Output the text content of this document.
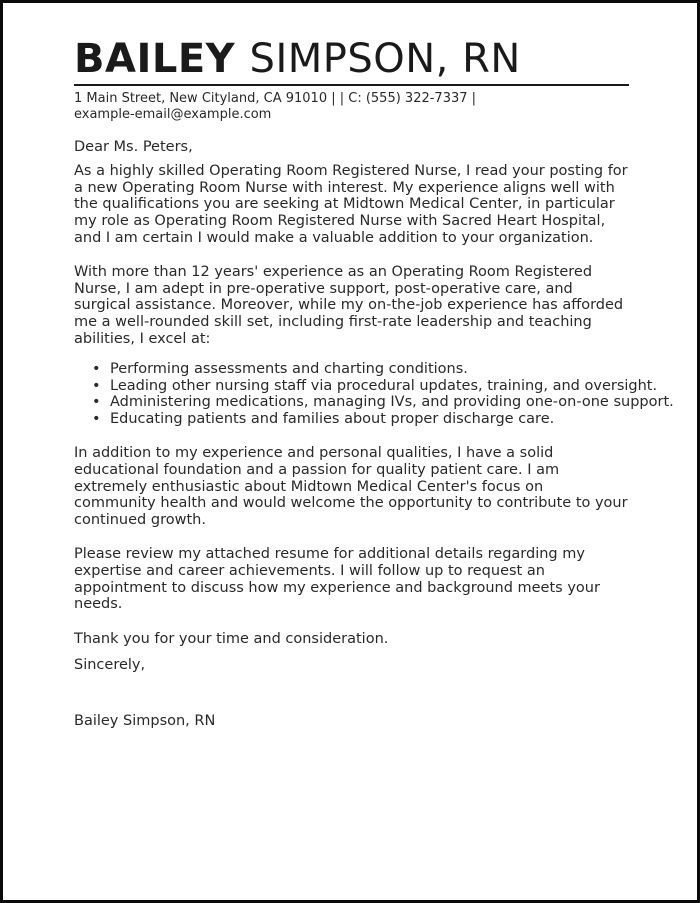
BAILEY SIMPSON, RN
1 Main Street, New Cityland, CA 91010 | | C: (555) 322-7337 | example-email@example.com
Dear Ms. Peters,
As a highly skilled Operating Room Registered Nurse, I read your posting for a new Operating Room Nurse with interest. My experience aligns well with the qualifications you are seeking at Midtown Medical Center, in particular my role as Operating Room Registered Nurse with Sacred Heart Hospital, and I am certain I would make a valuable addition to your organization.
With more than 12 years' experience as an Operating Room Registered Nurse, I am adept in pre-operative support, post-operative care, and surgical assistance. Moreover, while my on-the-job experience has afforded me a well-rounded skill set, including first-rate leadership and teaching abilities, I excel at:
• Performing assessments and charting conditions.
• Leading other nursing staff via procedural updates, training, and oversight.
• Administering medications, managing IVs, and providing one-on-one support.
• Educating patients and families about proper discharge care.
In addition to my experience and personal qualities, I have a solid educational foundation and a passion for quality patient care. I am extremely enthusiastic about Midtown Medical Center's focus on community health and would welcome the opportunity to contribute to your continued growth.
Please review my attached resume for additional details regarding my expertise and career achievements. I will follow up to request an appointment to discuss how my experience and background meets your needs.
Thank you for your time and consideration.
Sincerely,
Bailey Simpson, RN
